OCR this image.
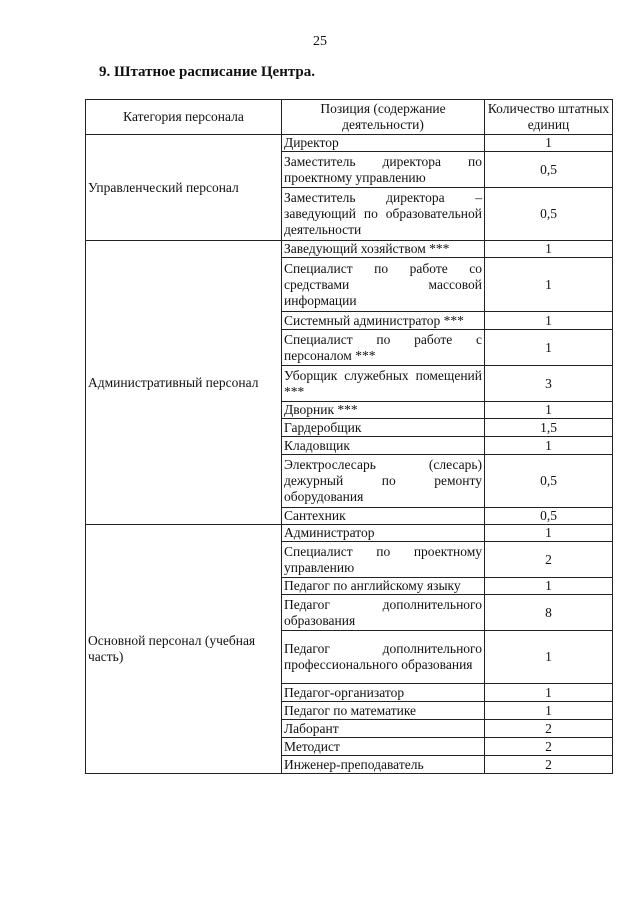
25
9. Штатное расписание Центра.
Категория персонала	Позиция (содержание деятельности)	Количество штатных единиц
Управленческий персонал	Директор	1
	Заместитель директора по проектному управлению	0,5
	Заместитель директора – заведующий по образовательной деятельности	0,5
Административный персонал	Заведующий хозяйством ***	1
	Специалист по работе со средствами массовой информации	1
	Системный администратор ***	1
	Специалист по работе с персоналом ***	1
	Уборщик служебных помещений ***	3
	Дворник ***	1
	Гардеробщик	1,5
	Кладовщик	1
	Электрослесарь (слесарь) дежурный по ремонту оборудования	0,5
	Сантехник	0,5
Основной персонал (учебная часть)	Администратор	1
	Специалист по проектному управлению	2
	Педагог по английскому языку	1
	Педагог дополнительного образования	8
	Педагог дополнительного профессионального образования	1
	Педагог-организатор	1
	Педагог по математике	1
	Лаборант	2
	Методист	2
	Инженер-преподаватель	2
